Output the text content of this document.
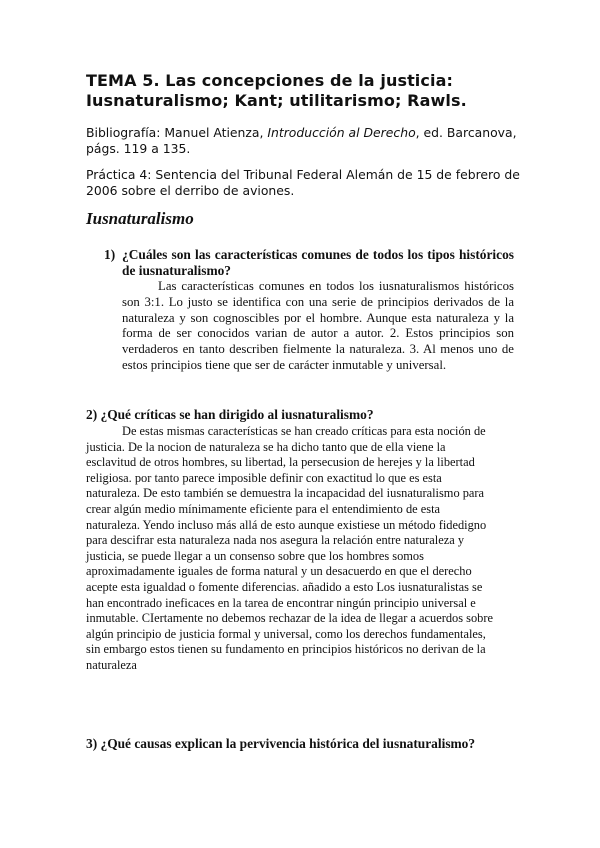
TEMA 5. Las concepciones de la justicia: Iusnaturalismo; Kant; utilitarismo; Rawls.
Bibliografía: Manuel Atienza, Introducción al Derecho, ed. Barcanova, págs. 119 a 135.
Práctica 4: Sentencia del Tribunal Federal Alemán de 15 de febrero de 2006 sobre el derribo de aviones.
Iusnaturalismo
1) ¿Cuáles son las características comunes de todos los tipos históricos de iusnaturalismo?
Las características comunes en todos los iusnaturalismos históricos son 3:1. Lo justo se identifica con una serie de principios derivados de la naturaleza y son cognoscibles por el hombre. Aunque esta naturaleza y la forma de ser conocidos varian de autor a autor. 2. Estos principios son verdaderos en tanto describen fielmente la naturaleza. 3. Al menos uno de estos principios tiene que ser de carácter inmutable y universal.
2) ¿Qué críticas se han dirigido al iusnaturalismo?
De estas mismas características se han creado críticas para esta noción de justicia. De la nocion de naturaleza se ha dicho tanto que de ella viene la esclavitud de otros hombres, su libertad, la persecusion de herejes y la libertad religiosa. por tanto parece imposible definir con exactitud lo que es esta naturaleza. De esto también se demuestra la incapacidad del iusnaturalismo para crear algún medio mínimamente eficiente para el entendimiento de esta naturaleza. Yendo incluso más allá de esto aunque existiese un método fidedigno para descifrar esta naturaleza nada nos asegura la relación entre naturaleza y justicia, se puede llegar a un consenso sobre que los hombres somos aproximadamente iguales de forma natural y un desacuerdo en que el derecho acepte esta igualdad o fomente diferencias. añadido a esto Los iusnaturalistas se han encontrado ineficaces en la tarea de encontrar ningún principio universal e inmutable. CIertamente no debemos rechazar de la idea de llegar a acuerdos sobre algún principio de justicia formal y universal, como los derechos fundamentales, sin embargo estos tienen su fundamento en principios históricos no derivan de la naturaleza
3) ¿Qué causas explican la pervivencia histórica del iusnaturalismo?
